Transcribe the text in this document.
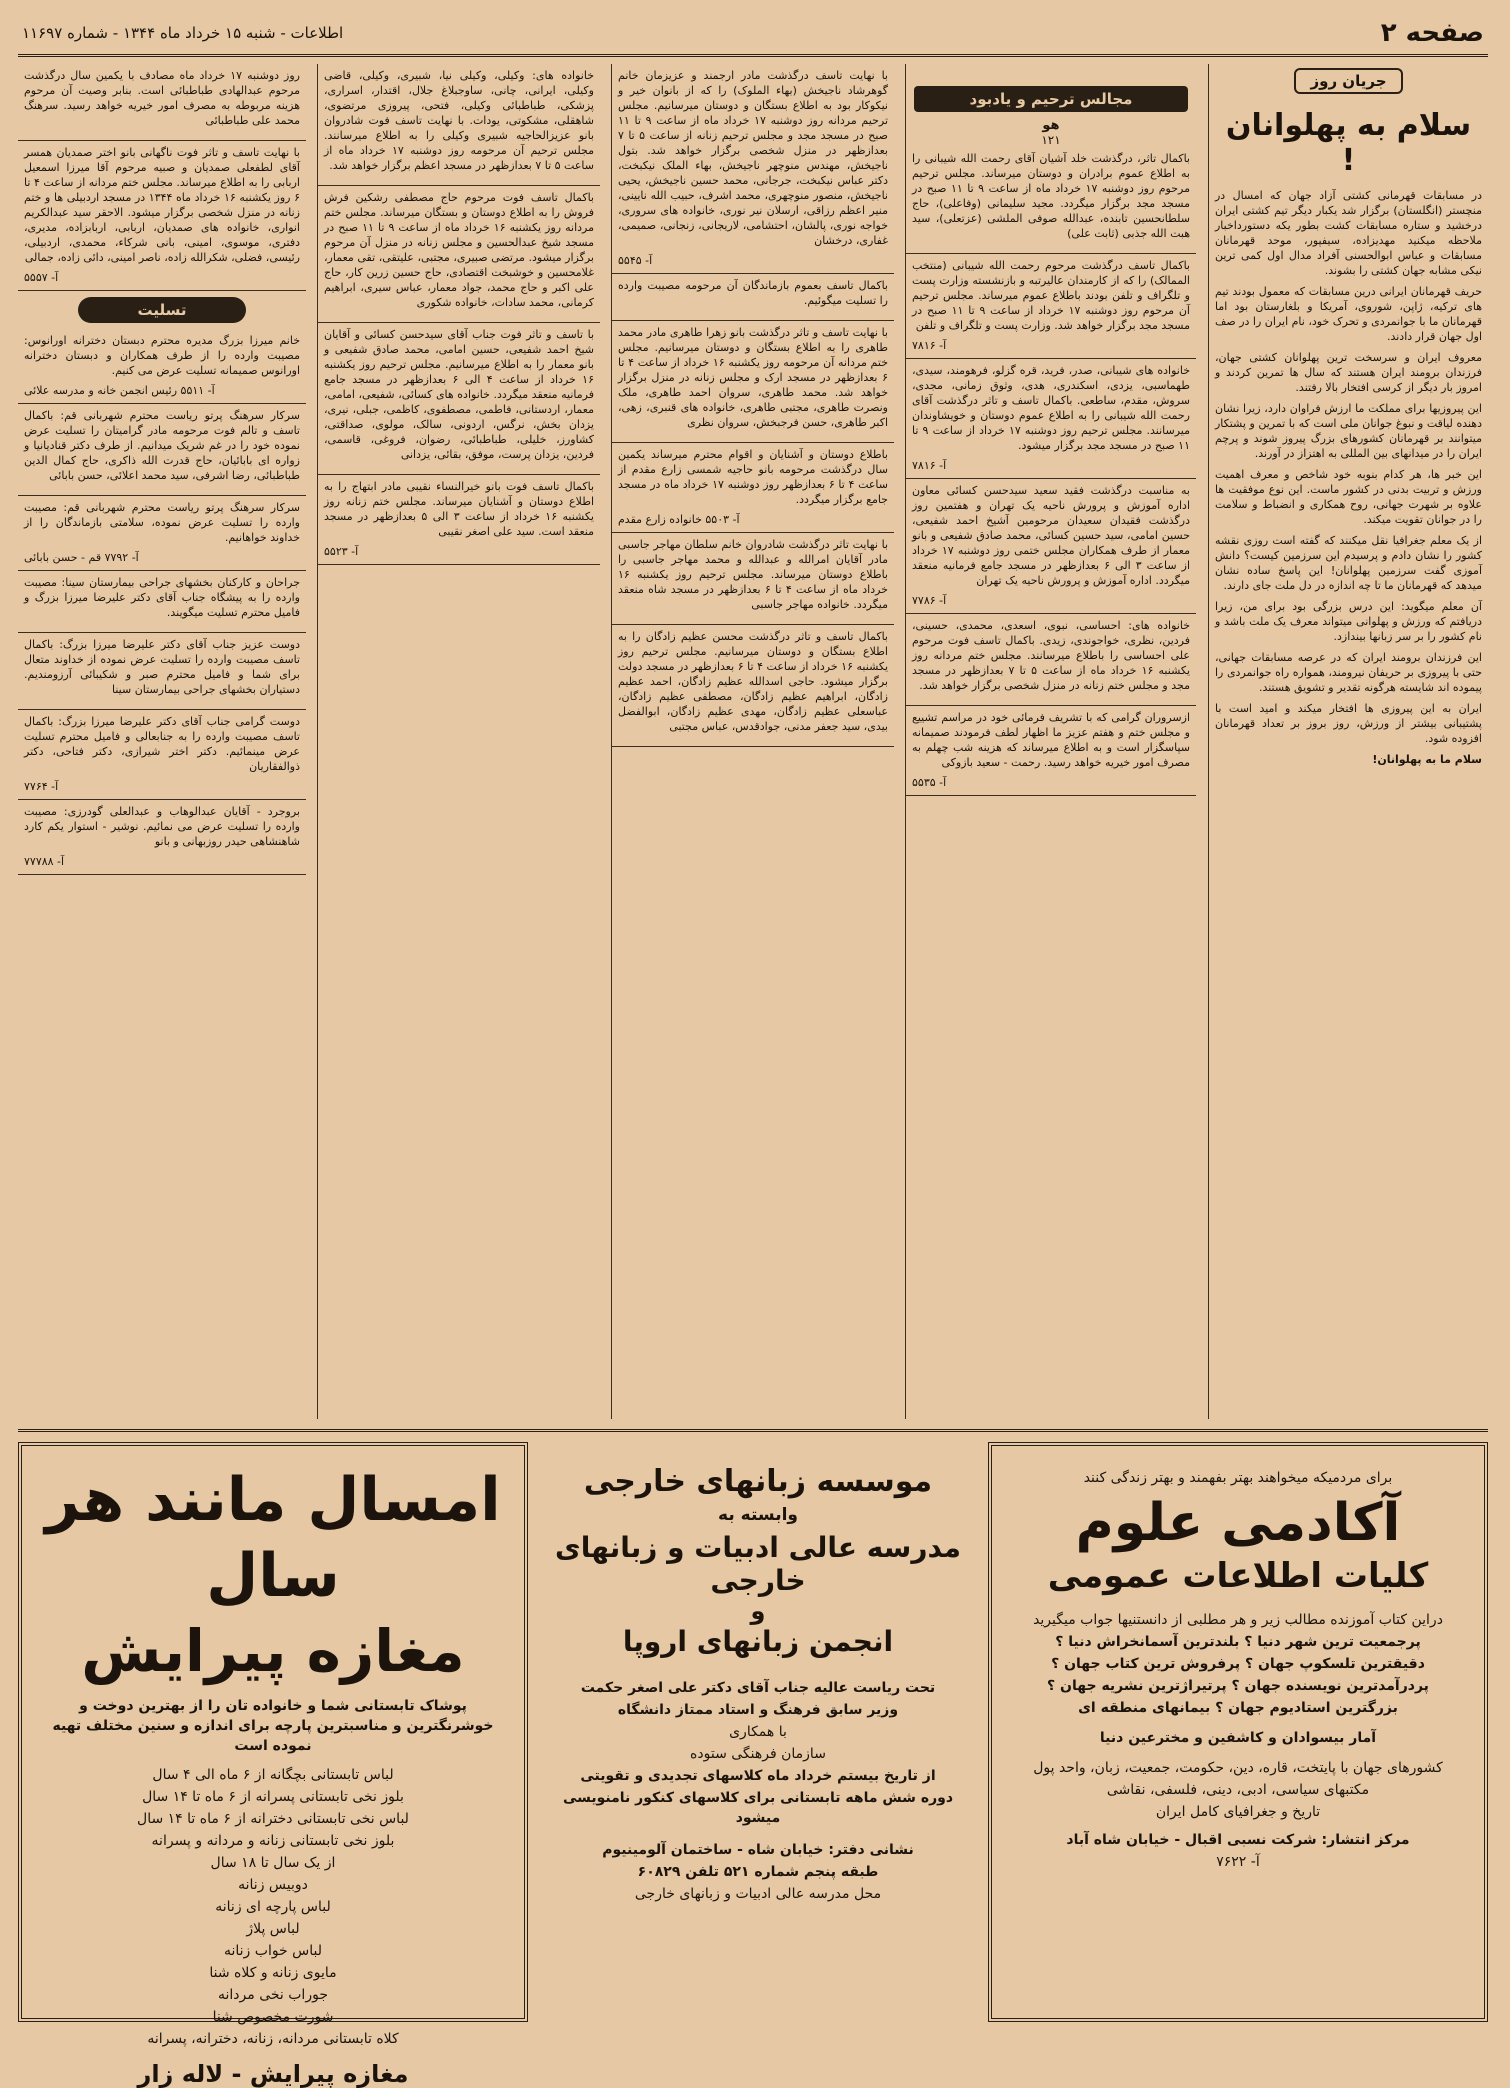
صفحه ۲
اطلاعات - شنبه ۱۵ خرداد ماه ۱۳۴۴ - شماره ۱۱۶۹۷
جریان روز
سلام به پهلوانان !

در مسابقات قهرمانی کشتی آزاد جهان که امسال در منچستر (انگلستان) برگزار شد یکبار دیگر تیم کشتی ایران درخشید و ستاره مسابقات کشت بطور یکه دستورداخبار ملاحظه میکنید مهدیزاده، سیفپور، موحد قهرمانان مسابقات و عباس ابوالحسنی آفراد مدال اول کمی ترین نیکی مشابه جهان کشتی را بشوند.

حریف قهرمانان ایرانی درین مسابقات که معمول بودند تیم های ترکیه، ژاپن، شوروی، آمریکا و بلغارستان بود اما قهرمانان ما با جوانمردی و تحرک خود، نام ایران را در صف اول جهان قرار دادند.

معروف ایران و سرسخت ترین پهلوانان کشتی جهان، فرزندان برومند ایران هستند که سال ها تمرین کردند و امروز بار دیگر از کرسی افتخار بالا رفتند.

این پیروزیها برای مملکت ما ارزش فراوان دارد، زیرا نشان دهنده لیاقت و نبوغ جوانان ملی است که با تمرین و پشتکار میتوانند بر قهرمانان کشورهای بزرگ پیروز شوند و پرچم ایران را در میدانهای بین المللی به اهتزاز در آورند.

این خبر ها، هر کدام بنوبه خود شاخص و معرف اهمیت ورزش و تربیت بدنی در کشور ماست. این نوع موفقیت ها علاوه بر شهرت جهانی، روح همکاری و انضباط و سلامت را در جوانان تقویت میکند.

از یک معلم جغرافیا نقل میکنند که گفته است روزی نقشه کشور را نشان دادم و پرسیدم این سرزمین کیست؟ دانش آموزی گفت سرزمین پهلوانان! این پاسخ ساده نشان میدهد که قهرمانان ما تا چه اندازه در دل ملت جای دارند.

آن معلم میگوید: این درس بزرگی بود برای من، زیرا دریافتم که ورزش و پهلوانی میتواند معرف یک ملت باشد و نام کشور را بر سر زبانها بیندازد.

این فرزندان برومند ایران که در عرصه مسابقات جهانی، حتی با پیروزی بر حریفان نیرومند، همواره راه جوانمردی را پیموده اند شایسته هرگونه تقدیر و تشویق هستند.

ایران به این پیروزی ها افتخار میکند و امید است با پشتیبانی بیشتر از ورزش، روز بروز بر تعداد قهرمانان افزوده شود.

سلام ما به پهلوانان!

مجالس ترحیم و یادبود
هو
۱۲۱

باکمال تاثر، درگذشت خلد آشیان آقای رحمت الله شیبانی را به اطلاع عموم برادران و دوستان میرساند. مجلس ترحیم مرحوم روز دوشنبه ۱۷ خرداد ماه از ساعت ۹ تا ۱۱ صبح در مسجد مجد برگزار میگردد. مجید سلیمانی (وفاعلی)، حاج سلطانحسین تابنده، عبدالله صوفی الملشی (عزتعلی)، سید هبت الله جذبی (ثابت علی)

باکمال تاسف درگذشت مرحوم رحمت الله شیبانی (منتخب الممالک) را که از کارمندان عالیرتبه و بازنشسته وزارت پست و تلگراف و تلفن بودند باطلاع عموم میرساند. مجلس ترحیم آن مرحوم روز دوشنبه ۱۷ خرداد از ساعت ۹ تا ۱۱ صبح در مسجد مجد برگزار خواهد شد. وزارت پست و تلگراف و تلفن

آ- ۷۸۱۶

خانواده های شیبانی، صدر، فرید، قره گزلو، فرهومند، سیدی، طهماسبی، یزدی، اسکندری، هدی، وثوق زمانی، مجدی، سروش، مقدم، ساطعی. باکمال تاسف و تاثر درگذشت آقای رحمت الله شیبانی را به اطلاع عموم دوستان و خویشاوندان میرسانند. مجلس ترحیم روز دوشنبه ۱۷ خرداد از ساعت ۹ تا ۱۱ صبح در مسجد مجد برگزار میشود.

آ- ۷۸۱۶

به مناسبت درگذشت فقید سعید سیدحسن کسائی معاون اداره آموزش و پرورش ناحیه یک تهران و هفتمین روز درگذشت فقیدان سعیدان مرحومین آشیخ احمد شفیعی، حسین امامی، سید حسین کسائی، محمد صادق شفیعی و بانو معمار از طرف همکاران مجلس ختمی روز دوشنبه ۱۷ خرداد از ساعت ۳ الی ۶ بعدازظهر در مسجد جامع فرمانیه منعقد میگردد. اداره آموزش و پرورش ناحیه یک تهران

آ- ۷۷۸۶

خانواده های: احساسی، نبوی، اسعدی، محمدی، حسینی، فردین، نظری، خواجوندی، زیدی. باکمال تاسف فوت مرحوم علی احساسی را باطلاع میرسانند. مجلس ختم مردانه روز یکشنبه ۱۶ خرداد ماه از ساعت ۵ تا ۷ بعدازظهر در مسجد مجد و مجلس ختم زنانه در منزل شخصی برگزار خواهد شد.

ازسروران گرامی که با تشریف فرمائی خود در مراسم تشییع و مجلس ختم و هفتم عزیز ما اظهار لطف فرمودند صمیمانه سپاسگزار است و به اطلاع میرساند که هزینه شب چهلم به مصرف امور خیریه خواهد رسید. رحمت - سعید بازوکی

آ- ۵۵۳۵

با نهایت تاسف درگذشت مادر ارجمند و عزیزمان خانم گوهرشاد ناجیخش (بهاء الملوک) را که از بانوان خیر و نیکوکار بود به اطلاع بستگان و دوستان میرسانیم. مجلس ترحیم مردانه روز دوشنبه ۱۷ خرداد ماه از ساعت ۹ تا ۱۱ صبح در مسجد مجد و مجلس ترحیم زنانه از ساعت ۵ تا ۷ بعدازظهر در منزل شخصی برگزار خواهد شد. بتول ناجیخش، مهندس منوچهر ناجیخش، بهاء الملک نیکبخت، دکتر عباس نیکبخت، جرجانی، محمد حسین ناجیخش، یحیی ناجیخش، منصور منوچهری، محمد اشرف، حبیب الله نایینی، منیر اعظم رزاقی، ارسلان نیر نوری، خانواده های سروری، خواجه نوری، پالشان، احتشامی، لاریجانی، زنجانی، صمیمی، غفاری، درخشان

آ- ۵۵۴۵

باکمال تاسف بعموم بازماندگان آن مرحومه مصیبت وارده را تسلیت میگوئیم.

با نهایت تاسف و تاثر درگذشت بانو زهرا طاهری مادر محمد طاهری را به اطلاع بستگان و دوستان میرسانیم. مجلس ختم مردانه آن مرحومه روز یکشنبه ۱۶ خرداد از ساعت ۴ تا ۶ بعدازظهر در مسجد ارک و مجلس زنانه در منزل برگزار خواهد شد. محمد طاهری، سروان احمد طاهری، ملک ونصرت طاهری، مجتبی طاهری، خانواده های قنبری، زهی، اکبر طاهری، حسن فرجبخش، سروان نظری

باطلاع دوستان و آشنایان و اقوام محترم میرساند یکمین سال درگذشت مرحومه بانو حاجیه شمسی زارع مقدم از ساعت ۴ تا ۶ بعدازظهر روز دوشنبه ۱۷ خرداد ماه در مسجد جامع برگزار میگردد.

آ- ۵۵۰۳ خانواده زارع مقدم

با نهایت تاثر درگذشت شادروان خانم سلطان مهاجر جاسبی مادر آقایان امرالله و عبدالله و محمد مهاجر جاسبی را باطلاع دوستان میرساند. مجلس ترحیم روز یکشنبه ۱۶ خرداد ماه از ساعت ۴ تا ۶ بعدازظهر در مسجد شاه منعقد میگردد. خانواده مهاجر جاسبی

باکمال تاسف و تاثر درگذشت محسن عظیم زادگان را به اطلاع بستگان و دوستان میرسانیم. مجلس ترحیم روز یکشنبه ۱۶ خرداد از ساعت ۴ تا ۶ بعدازظهر در مسجد دولت برگزار میشود. حاجی اسدالله عظیم زادگان، احمد عظیم زادگان، ابراهیم عظیم زادگان، مصطفی عظیم زادگان، عباسعلی عظیم زادگان، مهدی عظیم زادگان، ابوالفضل بیدی، سید جعفر مدنی، جوادقدس، عباس مجتبی

خانواده های: وکیلی، وکیلی نیا، شبیری، وکیلی، قاضی وکیلی، ایرانی، چانی، ساوجبلاغ جلال، اقتدار، اسراری، پزشکی، طباطبائی وکیلی، فتحی، پیروزی مرتضوی، شاهقلی، مشکوتی، یودات. با نهایت تاسف فوت شادروان بانو عزیزالحاجیه شبیری وکیلی را به اطلاع میرسانند. مجلس ترحیم آن مرحومه روز دوشنبه ۱۷ خرداد ماه از ساعت ۵ تا ۷ بعدازظهر در مسجد اعظم برگزار خواهد شد.

باکمال تاسف فوت مرحوم حاج مصطفی رشکین فرش فروش را به اطلاع دوستان و بستگان میرساند. مجلس ختم مردانه روز یکشنبه ۱۶ خرداد ماه از ساعت ۹ تا ۱۱ صبح در مسجد شیخ عبدالحسین و مجلس زنانه در منزل آن مرحوم برگزار میشود. مرتضی صبیری، مجتبی، علیتقی، تقی معمار، غلامحسین و خوشبخت اقتصادی، حاج حسین زرین کار، حاج علی اکبر و حاج محمد، جواد معمار، عباس سیری، ابراهیم کرمانی، محمد سادات، خانواده شکوری

با تاسف و تاثر فوت جناب آقای سیدحسن کسائی و آقایان شیخ احمد شفیعی، حسین امامی، محمد صادق شفیعی و بانو معمار را به اطلاع میرسانیم. مجلس ترحیم روز یکشنبه ۱۶ خرداد از ساعت ۴ الی ۶ بعدازظهر در مسجد جامع فرمانیه منعقد میگردد. خانواده های کسائی، شفیعی، امامی، معمار، اردستانی، فاطمی، مصطفوی، کاظمی، جبلی، نیری، یزدان بخش، نرگس، اردونی، سالک، مولوی، صداقتی، کشاورز، خلیلی، طباطبائی، رضوان، فروغی، قاسمی، فردین، یزدان پرست، موفق، بقائی، یزدانی

باکمال تاسف فوت بانو خیرالنساء نقیبی مادر ابتهاج را به اطلاع دوستان و آشنایان میرساند. مجلس ختم زنانه روز یکشنبه ۱۶ خرداد از ساعت ۳ الی ۵ بعدازظهر در مسجد منعقد است. سید علی اصغر نقیبی

آ- ۵۵۲۳

روز دوشنبه ۱۷ خرداد ماه مصادف با یکمین سال درگذشت مرحوم عبدالهادی طباطبائی است. بنابر وصیت آن مرحوم هزینه مربوطه به مصرف امور خیریه خواهد رسید. سرهنگ محمد علی طباطبائی

با نهایت تاسف و تاثر فوت ناگهانی بانو اختر صمدیان همسر آقای لطفعلی صمدیان و صبیه مرحوم آقا میرزا اسمعیل اربابی را به اطلاع میرساند. مجلس ختم مردانه از ساعت ۴ تا ۶ روز یکشنبه ۱۶ خرداد ماه ۱۳۴۴ در مسجد اردبیلی ها و ختم زنانه در منزل شخصی برگزار میشود. الاحقر سید عبدالکریم انواری، خانواده های صمدیان، اربابی، اربابزاده، مدیری، دفتری، موسوی، امینی، بانی شرکاء، محمدی، اردبیلی، رئیسی، فضلی، شکرالله زاده، ناصر امینی، دائی زاده، جمالی

آ- ۵۵۵۷
تسلیت

خانم میرزا بزرگ مدیره محترم دبستان دخترانه اورانوس: مصیبت وارده را از طرف همکاران و دبستان دخترانه اورانوس صمیمانه تسلیت عرض می کنیم.

آ- ۵۵۱۱ رئیس انجمن خانه و مدرسه علائی

سرکار سرهنگ پرتو ریاست محترم شهربانی قم: باکمال تاسف و تالم فوت مرحومه مادر گرامیتان را تسلیت عرض نموده خود را در غم شریک میدانیم. از طرف دکتر قنادیانیا و زواره ای بابائیان، حاج قدرت الله ذاکری، حاج کمال الدین طباطبائی، رضا اشرفی، سید محمد اعلائی، حسن بابائی

سرکار سرهنگ پرتو ریاست محترم شهربانی قم: مصیبت وارده را تسلیت عرض نموده، سلامتی بازماندگان را از خداوند خواهانیم.

آ- ۷۷۹۲ قم - حسن بابائی

جراحان و کارکنان بخشهای جراحی بیمارستان سینا: مصیبت وارده را به پیشگاه جناب آقای دکتر علیرضا میرزا بزرگ و فامیل محترم تسلیت میگویند.

دوست عزیز جناب آقای دکتر علیرضا میرزا بزرگ: باکمال تاسف مصیبت وارده را تسلیت عرض نموده از خداوند متعال برای شما و فامیل محترم صبر و شکیبائی آرزومندیم. دستیاران بخشهای جراحی بیمارستان سینا

دوست گرامی جناب آقای دکتر علیرضا میرزا بزرگ: باکمال تاسف مصیبت وارده را به جنابعالی و فامیل محترم تسلیت عرض مینمائیم. دکتر اختر شیرازی، دکتر فتاحی، دکتر ذوالفقاریان

آ- ۷۷۶۴

بروجرد - آقایان عبدالوهاب و عبدالعلی گودرزی: مصیبت وارده را تسلیت عرض می نمائیم. نوشیر - استوار یکم کارد شاهنشاهی حیدر روزبهانی و بانو

آ- ۷۷۷۸۸

برای مردمیکه میخواهند بهتر بفهمند و بهتر زندگی کنند

آکادمی علوم
کلیات اطلاعات عمومی

دراین کتاب آموزنده مطالب زیر و هر مطلبی از دانستنیها جواب میگیرید

پرجمعیت ترین شهر دنیا ؟ بلندترین آسمانخراش دنیا ؟

دقیقترین تلسکوپ جهان ؟ پرفروش ترین کتاب جهان ؟

پردرآمدترین نویسنده جهان ؟ پرتیراژترین نشریه جهان ؟

بزرگترین استادیوم جهان ؟ بیمانهای منطقه ای

آمار بیسوادان و کاشفین و مخترعین دنیا

کشورهای جهان با پایتخت، قاره، دین، حکومت، جمعیت، زبان، واحد پول

مکتبهای سیاسی، ادبی، دینی، فلسفی، نقاشی

تاریخ و جغرافیای کامل ایران

مرکز انتشار: شرکت نسبی اقبال - خیابان شاه آباد

آ- ۷۶۲۲

موسسه زبانهای خارجی
وابسته به
مدرسه عالی ادبیات و زبانهای خارجی
و
انجمن زبانهای اروپا

تحت ریاست عالیه جناب آقای دکتر علی اصغر حکمت

وزیر سابق فرهنگ و استاد ممتاز دانشگاه

با همکاری

سازمان فرهنگی ستوده

از تاریخ بیستم خرداد ماه کلاسهای تجدیدی و تقویتی

دوره شش ماهه تابستانی برای کلاسهای کنکور نامنویسی میشود

نشانی دفتر: خیابان شاه - ساختمان آلومینیوم

طبقه پنجم شماره ۵۲۱ تلفن ۶۰۸۲۹

محل مدرسه عالی ادبیات و زبانهای خارجی

امسال مانند هر سال
مغازه پیرایش

پوشاک تابستانی شما و خانواده تان را از بهترین دوخت و خوشرنگترین و مناسبترین پارچه برای اندازه و سنین مختلف تهیه نموده است

لباس تابستانی بچگانه از ۶ ماه الی ۴ سال

بلوز نخی تابستانی پسرانه از ۶ ماه تا ۱۴ سال

لباس نخی تابستانی دخترانه از ۶ ماه تا ۱۴ سال

بلوز نخی تابستانی زنانه و مردانه و پسرانه

از یک سال تا ۱۸ سال

دوبیس زنانه

لباس پارچه ای زنانه

لباس پلاژ

لباس خواب زنانه

مایوی زنانه و کلاه شنا

جوراب نخی مردانه

شورت مخصوص شنا

کلاه تابستانی مردانه، زنانه، دخترانه، پسرانه

مغازه پیرایش - لاله زار
